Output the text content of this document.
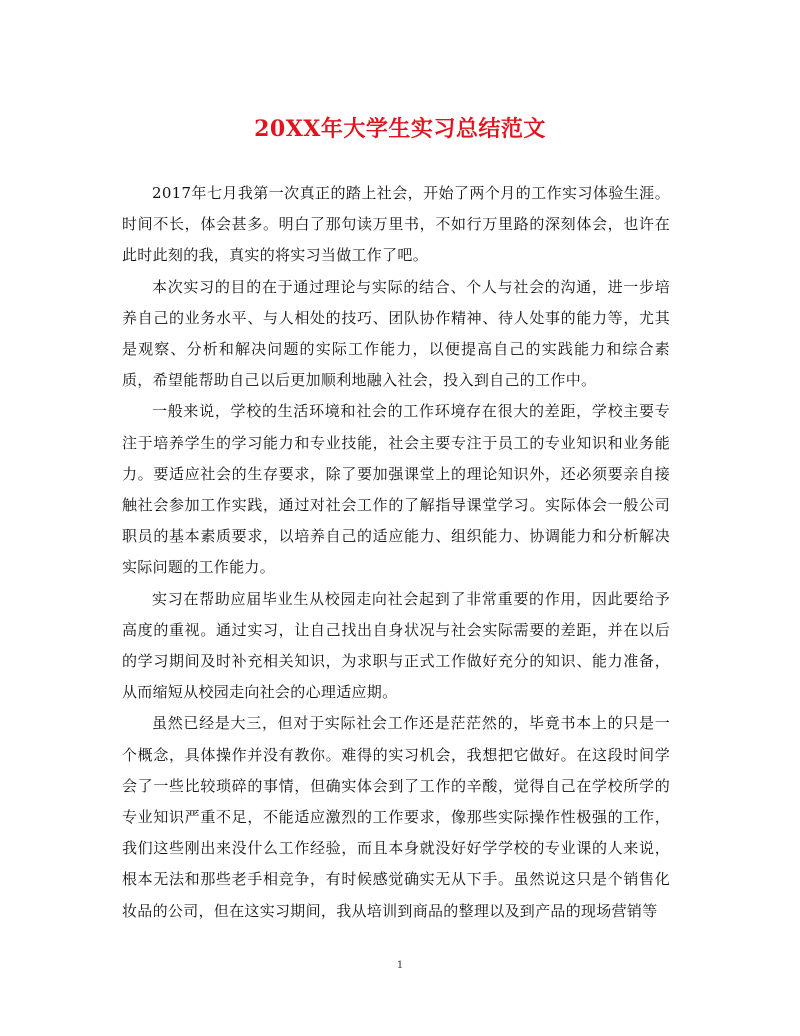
20XX年大学生实习总结范文

2017年七月我第一次真正的踏上社会，开始了两个月的工作实习体验生涯。时间不长，体会甚多。明白了那句读万里书，不如行万里路的深刻体会，也许在此时此刻的我，真实的将实习当做工作了吧。

本次实习的目的在于通过理论与实际的结合、个人与社会的沟通，进一步培养自己的业务水平、与人相处的技巧、团队协作精神、待人处事的能力等，尤其是观察、分析和解决问题的实际工作能力，以便提高自己的实践能力和综合素质，希望能帮助自己以后更加顺利地融入社会，投入到自己的工作中。

一般来说，学校的生活环境和社会的工作环境存在很大的差距，学校主要专注于培养学生的学习能力和专业技能，社会主要专注于员工的专业知识和业务能力。要适应社会的生存要求，除了要加强课堂上的理论知识外，还必须要亲自接触社会参加工作实践，通过对社会工作的了解指导课堂学习。实际体会一般公司职员的基本素质要求，以培养自己的适应能力、组织能力、协调能力和分析解决实际问题的工作能力。

实习在帮助应届毕业生从校园走向社会起到了非常重要的作用，因此要给予高度的重视。通过实习，让自己找出自身状况与社会实际需要的差距，并在以后的学习期间及时补充相关知识，为求职与正式工作做好充分的知识、能力准备，从而缩短从校园走向社会的心理适应期。

虽然已经是大三，但对于实际社会工作还是茫茫然的，毕竟书本上的只是一个概念，具体操作并没有教你。难得的实习机会，我想把它做好。在这段时间学会了一些比较琐碎的事情，但确实体会到了工作的辛酸，觉得自己在学校所学的专业知识严重不足，不能适应激烈的工作要求，像那些实际操作性极强的工作，我们这些刚出来没什么工作经验，而且本身就没好好学学校的专业课的人来说，根本无法和那些老手相竞争，有时候感觉确实无从下手。虽然说这只是个销售化妆品的公司，但在这实习期间，我从培训到商品的整理以及到产品的现场营销等

1
